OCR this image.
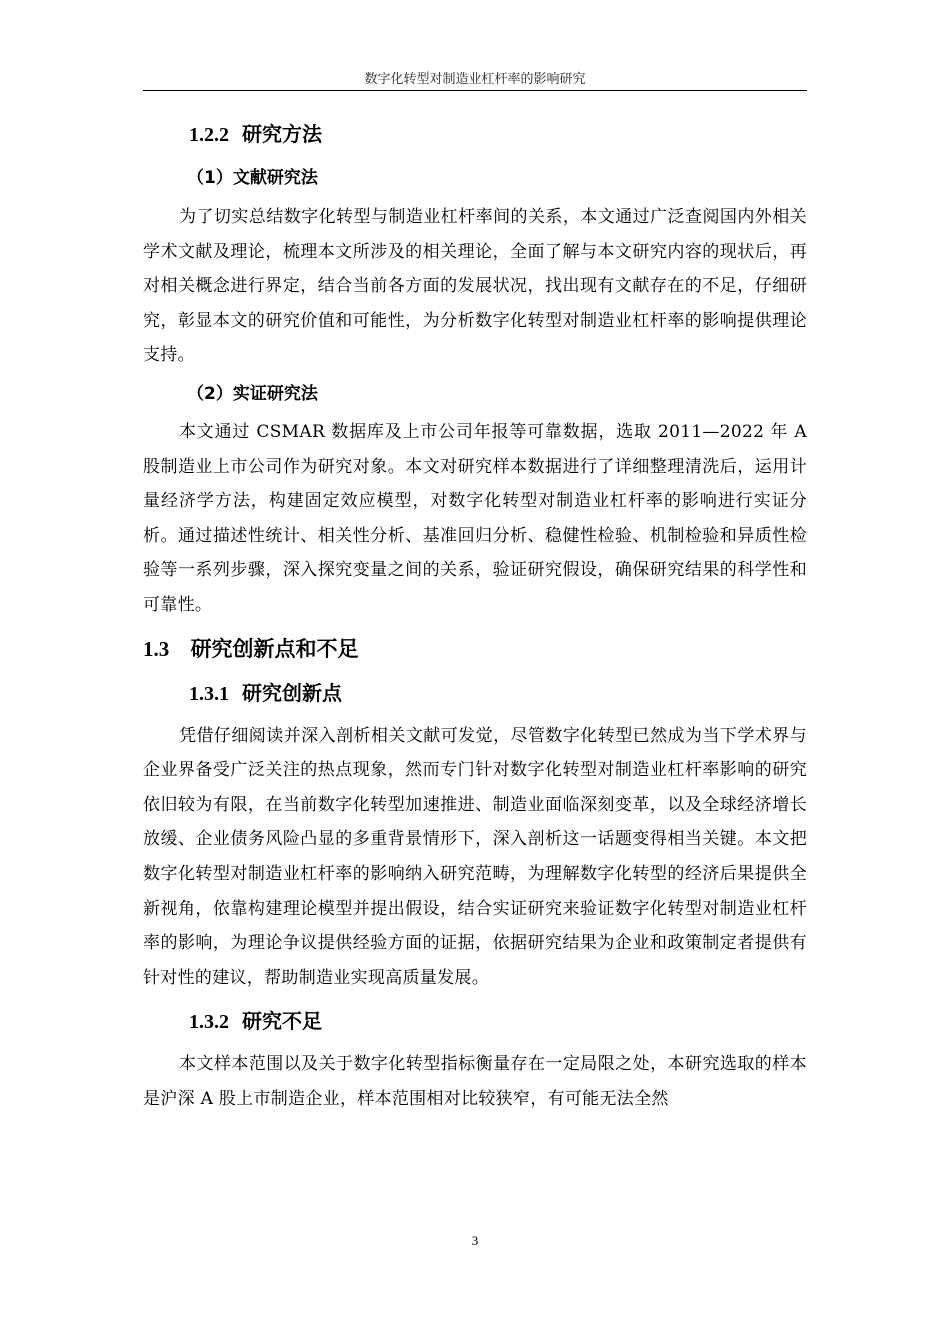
数字化转型对制造业杠杆率的影响研究
1.2.2 研究方法
（1）文献研究法

为了切实总结数字化转型与制造业杠杆率间的关系，本文通过广泛查阅国内外相关学术文献及理论，梳理本文所涉及的相关理论，全面了解与本文研究内容的现状后，再对相关概念进行界定，结合当前各方面的发展状况，找出现有文献存在的不足，仔细研究，彰显本文的研究价值和可能性，为分析数字化转型对制造业杠杆率的影响提供理论支持。

（2）实证研究法

本文通过 CSMAR 数据库及上市公司年报等可靠数据，选取 2011—2022 年 A 股制造业上市公司作为研究对象。本文对研究样本数据进行了详细整理清洗后，运用计量经济学方法，构建固定效应模型，对数字化转型对制造业杠杆率的影响进行实证分析。通过描述性统计、相关性分析、基准回归分析、稳健性检验、机制检验和异质性检验等一系列步骤，深入探究变量之间的关系，验证研究假设，确保研究结果的科学性和可靠性。

1.3 研究创新点和不足
1.3.1 研究创新点

凭借仔细阅读并深入剖析相关文献可发觉，尽管数字化转型已然成为当下学术界与企业界备受广泛关注的热点现象，然而专门针对数字化转型对制造业杠杆率影响的研究依旧较为有限，在当前数字化转型加速推进、制造业面临深刻变革，以及全球经济增长放缓、企业债务风险凸显的多重背景情形下，深入剖析这一话题变得相当关键。本文把数字化转型对制造业杠杆率的影响纳入研究范畴，为理解数字化转型的经济后果提供全新视角，依靠构建理论模型并提出假设，结合实证研究来验证数字化转型对制造业杠杆率的影响，为理论争议提供经验方面的证据，依据研究结果为企业和政策制定者提供有针对性的建议，帮助制造业实现高质量发展。

1.3.2 研究不足

本文样本范围以及关于数字化转型指标衡量存在一定局限之处，本研究选取的样本是沪深 A 股上市制造企业，样本范围相对比较狭窄，有可能无法全然

3
